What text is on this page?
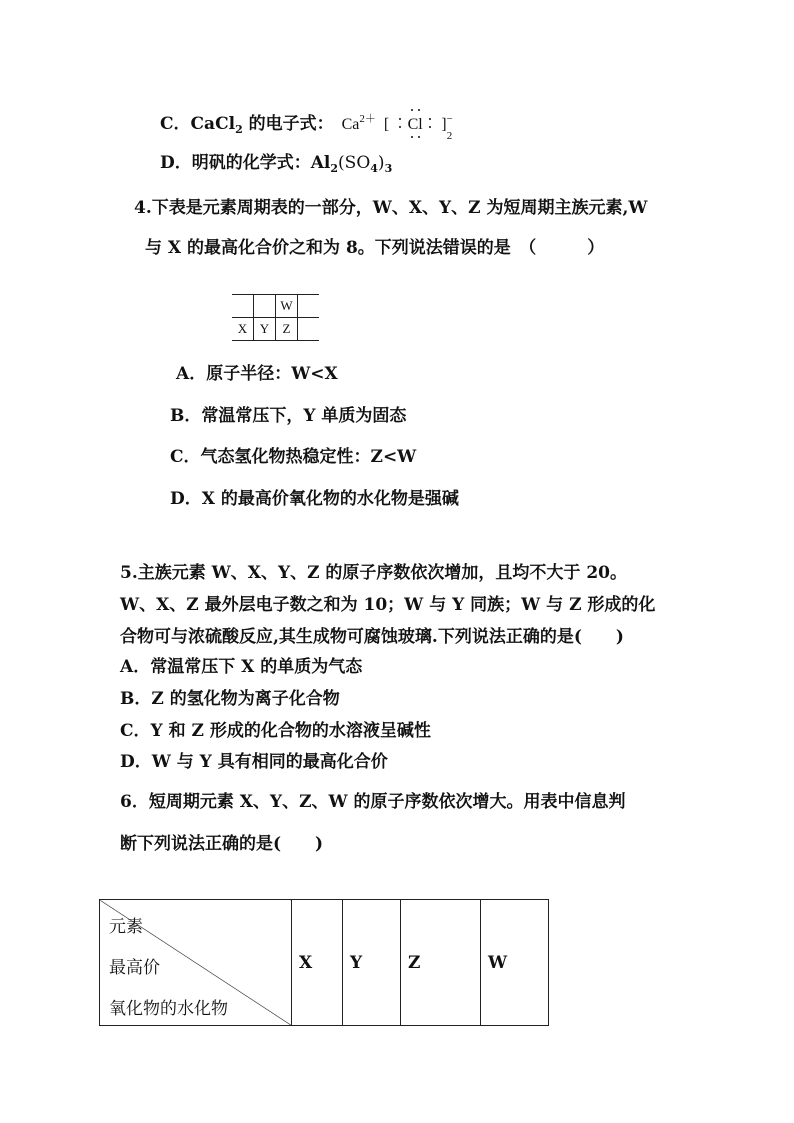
C．CaCl$_2$ 的电子式： $Ca^{2+}$ [ Cl ]$^-_2$
D．明矾的化学式：$Al_2(SO_4)_3$
4.下表是元素周期表的一部分，W、X、Y、Z 为短周期主族元素,W
与 X 的最高化合价之和为 8。下列说法错误的是　（　　　）
		W	
X	Y	Z	
A．原子半径：W<X
B．常温常压下，Y 单质为固态
C．气态氢化物热稳定性：Z<W
D．X 的最高价氧化物的水化物是强碱
5.主族元素 W、X、Y、Z 的原子序数依次增加，且均不大于 20。
W、X、Z 最外层电子数之和为 10；W 与 Y 同族；W 与 Z 形成的化
合物可与浓硫酸反应,其生成物可腐蚀玻璃.下列说法正确的是(　　)
A．常温常压下 X 的单质为气态
B．Z 的氢化物为离子化合物
C．Y 和 Z 形成的化合物的水溶液呈碱性
D．W 与 Y 具有相同的最高化合价
6．短周期元素 X、Y、Z、W 的原子序数依次增大。用表中信息判
断下列说法正确的是(　　)
元素
最高价
氧化物的水化物
	X	Y	Z	W
